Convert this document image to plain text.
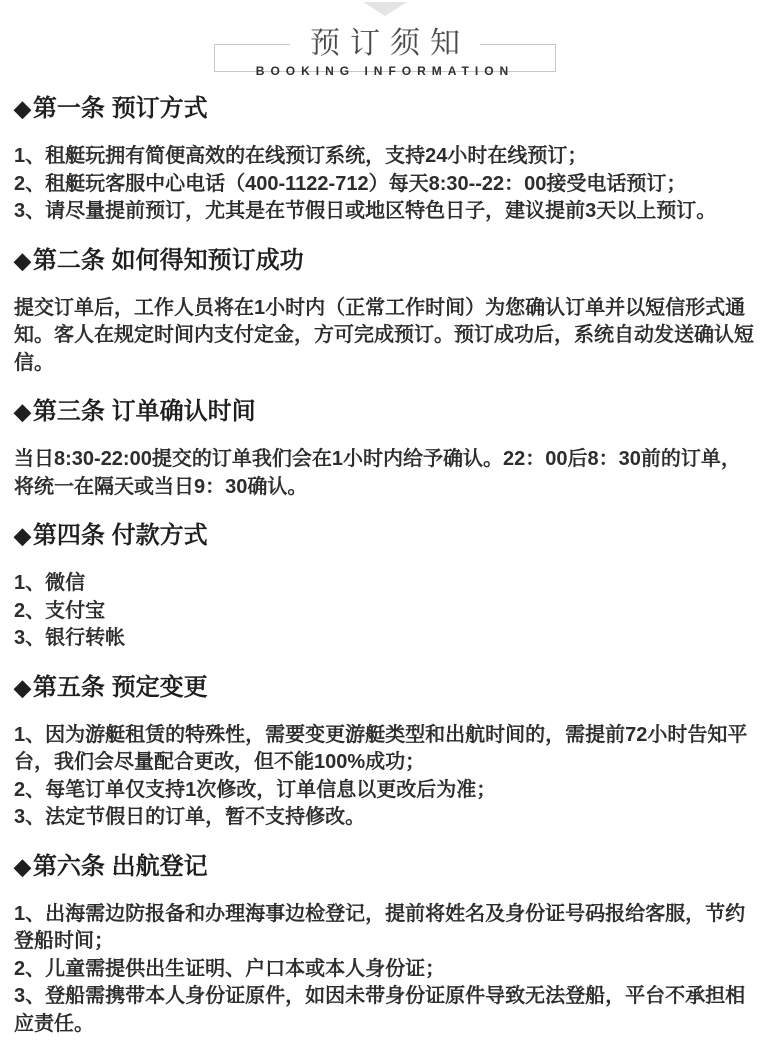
预订须知
BOOKING INFORMATION
◆第一条 预订方式

1、租艇玩拥有简便高效的在线预订系统，支持24小时在线预订；

2、租艇玩客服中心电话（400-1122-712）每天8:30--22：00接受电话预订；

3、请尽量提前预订，尤其是在节假日或地区特色日子，建议提前3天以上预订。

◆第二条 如何得知预订成功

提交订单后，工作人员将在1小时内（正常工作时间）为您确认订单并以短信形式通知。客人在规定时间内支付定金，方可完成预订。预订成功后，系统自动发送确认短信。

◆第三条 订单确认时间

当日8:30-22:00提交的订单我们会在1小时内给予确认。22：00后8：30前的订单，将统一在隔天或当日9：30确认。

◆第四条 付款方式

1、微信

2、支付宝

3、银行转帐

◆第五条 预定变更

1、因为游艇租赁的特殊性，需要变更游艇类型和出航时间的，需提前72小时告知平台，我们会尽量配合更改，但不能100%成功；

2、每笔订单仅支持1次修改，订单信息以更改后为准；

3、法定节假日的订单，暂不支持修改。

◆第六条 出航登记

1、出海需边防报备和办理海事边检登记，提前将姓名及身份证号码报给客服，节约登船时间；

2、儿童需提供出生证明、户口本或本人身份证；

3、登船需携带本人身份证原件，如因未带身份证原件导致无法登船，平台不承担相应责任。
